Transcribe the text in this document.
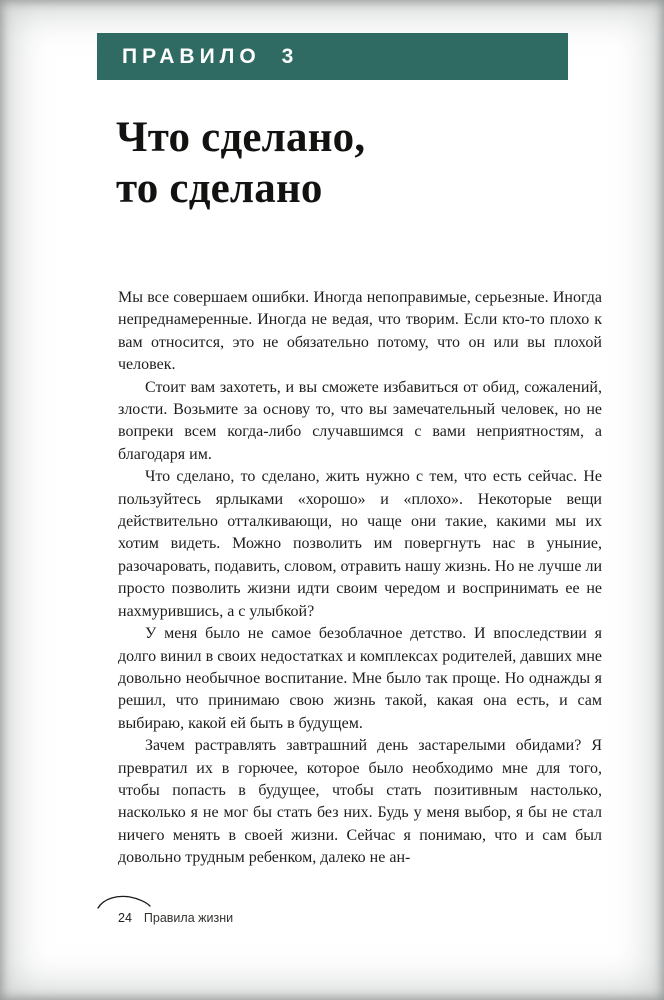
ПРАВИЛО 3
Что сделано,
то сделано

Мы все совершаем ошибки. Иногда непоправимые, серьезные. Иногда непреднамеренные. Иногда не ведая, что творим. Если кто-то плохо к вам относится, это не обязательно потому, что он или вы плохой человек.

Стоит вам захотеть, и вы сможете избавиться от обид, сожалений, злости. Возьмите за основу то, что вы замечательный человек, но не вопреки всем когда-либо случавшимся с вами неприятностям, а благодаря им.

Что сделано, то сделано, жить нужно с тем, что есть сейчас. Не пользуйтесь ярлыками «хорошо» и «плохо». Некоторые вещи действительно отталкивающи, но чаще они такие, какими мы их хотим видеть. Можно позволить им повергнуть нас в уныние, разочаровать, подавить, словом, отравить нашу жизнь. Но не лучше ли просто позволить жизни идти своим чередом и воспринимать ее не нахмурившись, а с улыбкой?

У меня было не самое безоблачное детство. И впоследствии я долго винил в своих недостатках и комплексах родителей, давших мне довольно необычное воспитание. Мне было так проще. Но однажды я решил, что принимаю свою жизнь такой, какая она есть, и сам выбираю, какой ей быть в будущем.

Зачем растравлять завтрашний день застарелыми обидами? Я превратил их в горючее, которое было необходимо мне для того, чтобы попасть в будущее, чтобы стать позитивным настолько, насколько я не мог бы стать без них. Будь у меня выбор, я бы не стал ничего менять в своей жизни. Сейчас я понимаю, что и сам был довольно трудным ребенком, далеко не ан-

24 Правила жизни
